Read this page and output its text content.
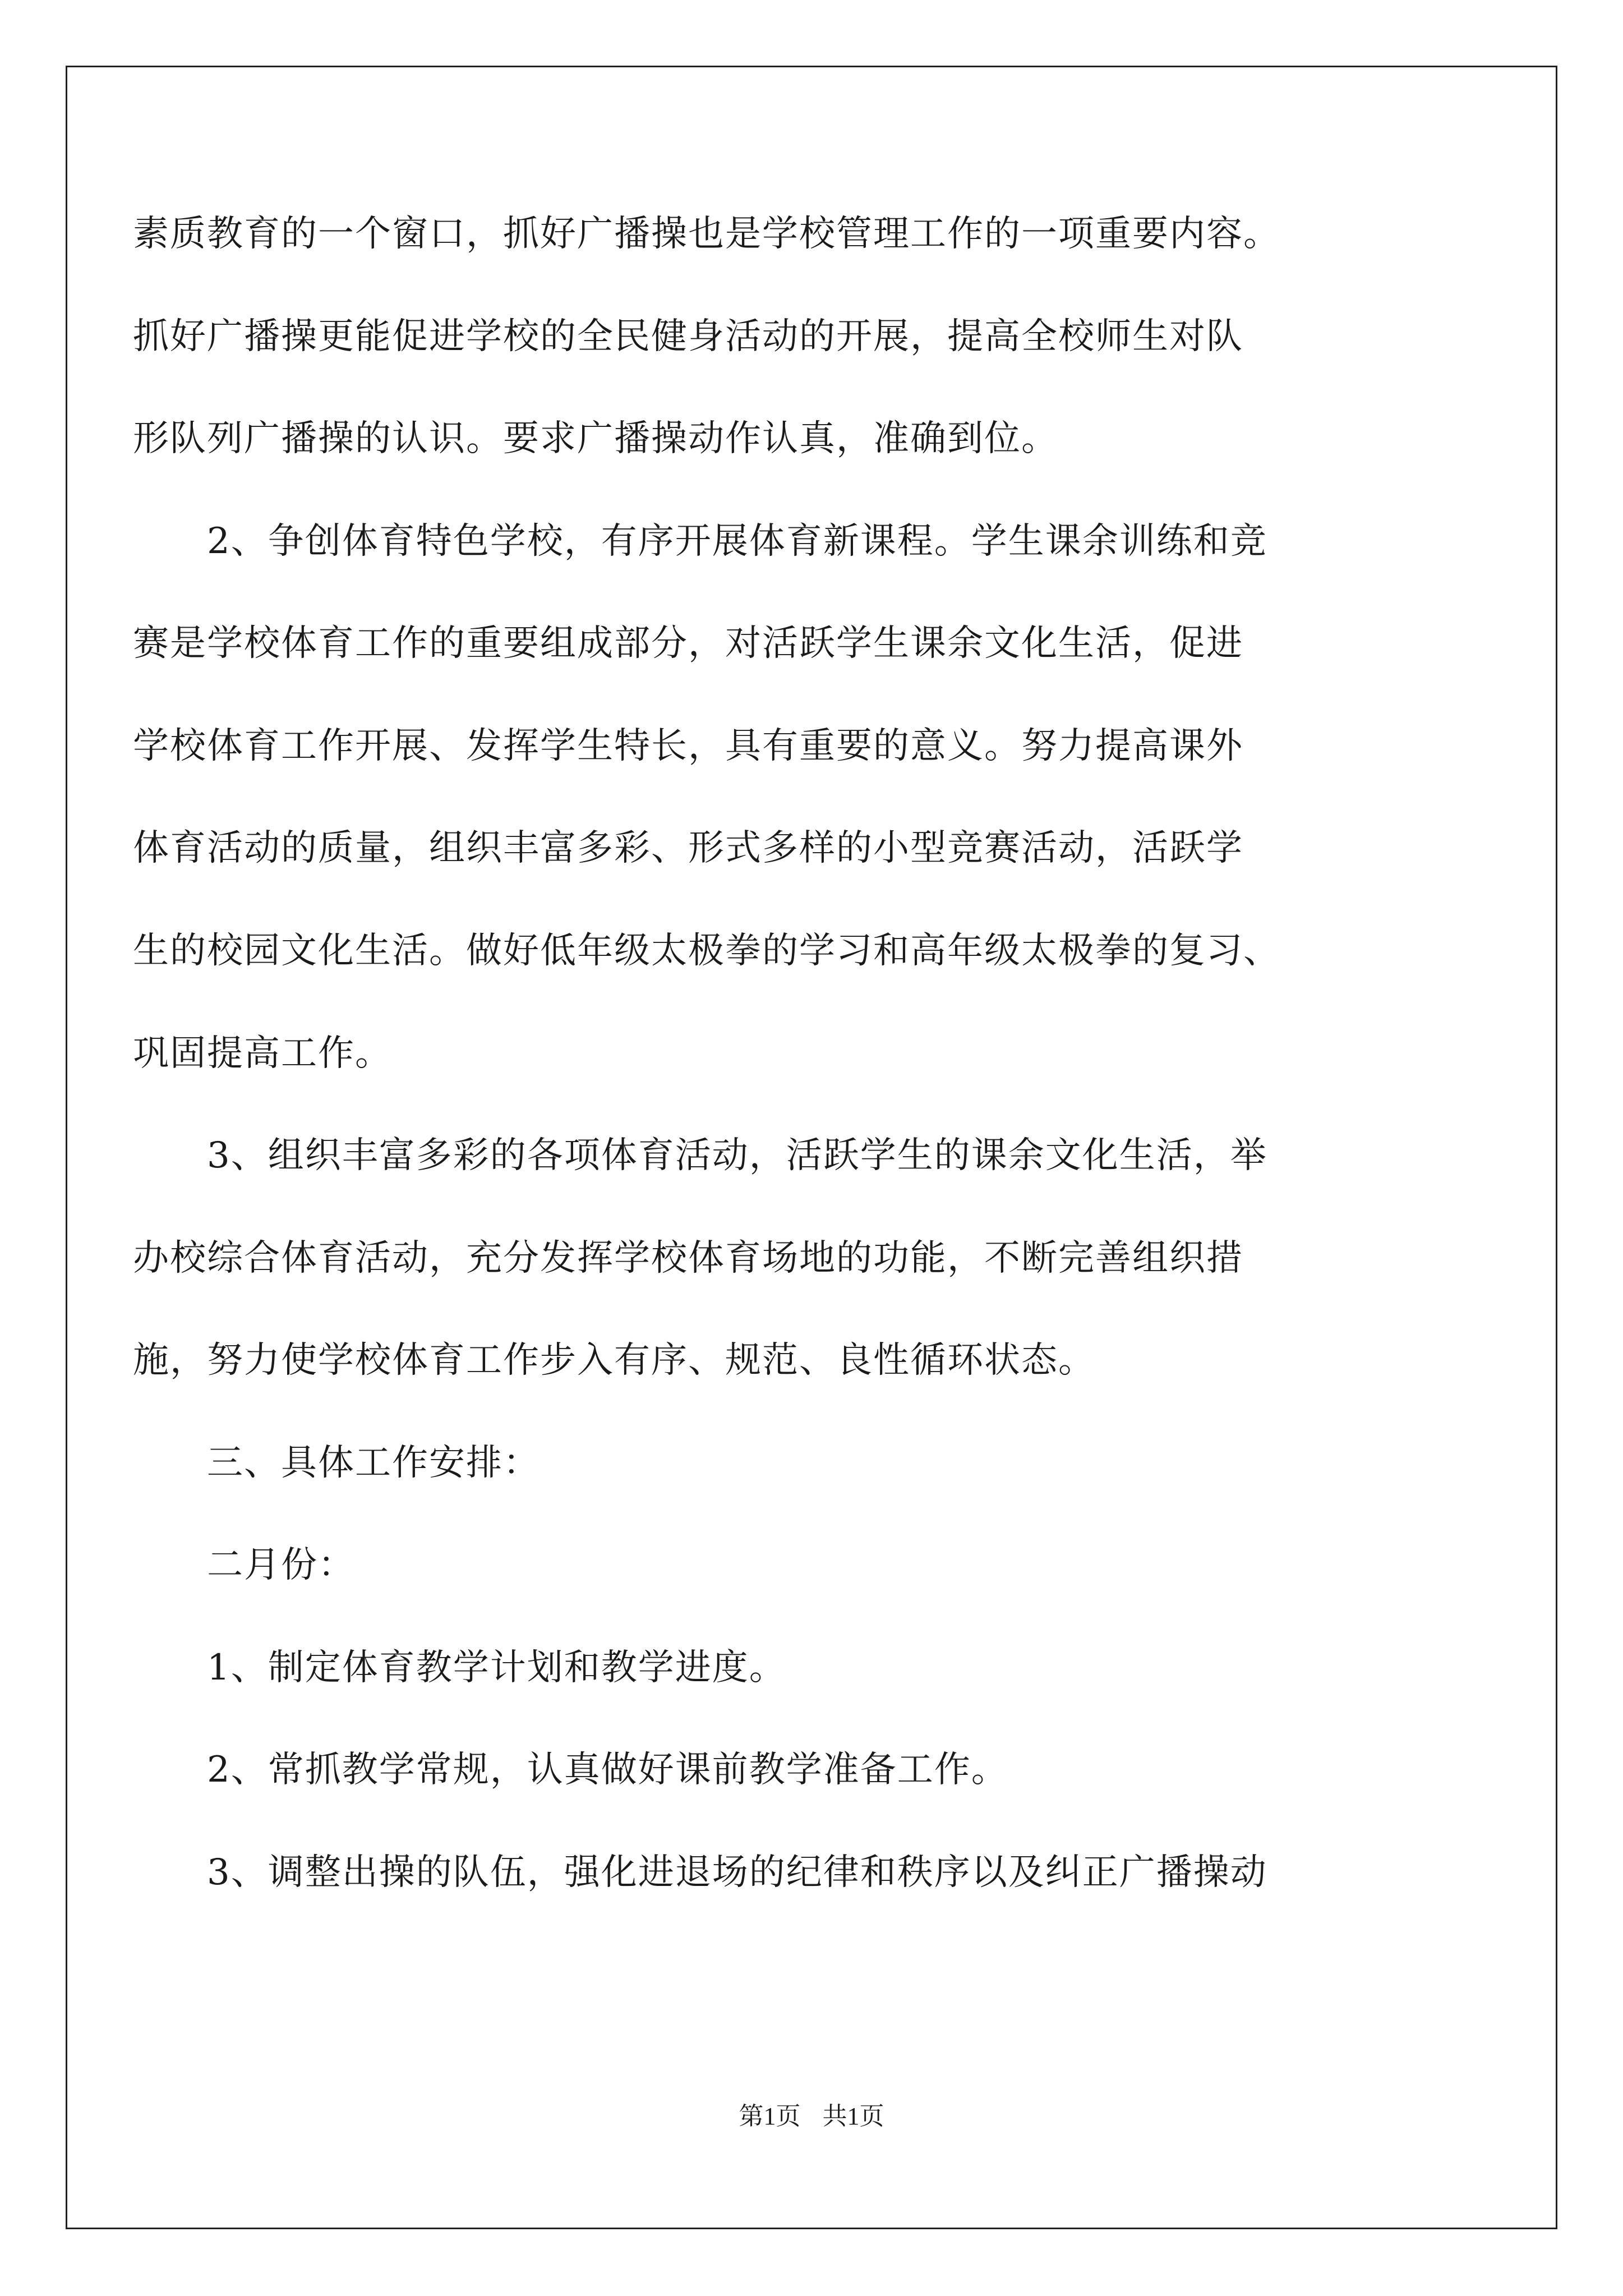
素质教育的一个窗口，抓好广播操也是学校管理工作的一项重要内容。
抓好广播操更能促进学校的全民健身活动的开展，提高全校师生对队
形队列广播操的认识。要求广播操动作认真，准确到位。
　　2、争创体育特色学校，有序开展体育新课程。学生课余训练和竞
赛是学校体育工作的重要组成部分，对活跃学生课余文化生活，促进
学校体育工作开展、发挥学生特长，具有重要的意义。努力提高课外
体育活动的质量，组织丰富多彩、形式多样的小型竞赛活动，活跃学
生的校园文化生活。做好低年级太极拳的学习和高年级太极拳的复习、
巩固提高工作。
　　3、组织丰富多彩的各项体育活动，活跃学生的课余文化生活，举
办校综合体育活动，充分发挥学校体育场地的功能，不断完善组织措
施，努力使学校体育工作步入有序、规范、良性循环状态。
　　三、具体工作安排：
　　二月份：
　　1、制定体育教学计划和教学进度。
　　2、常抓教学常规，认真做好课前教学准备工作。
　　3、调整出操的队伍，强化进退场的纪律和秩序以及纠正广播操动
第1页 共1页
